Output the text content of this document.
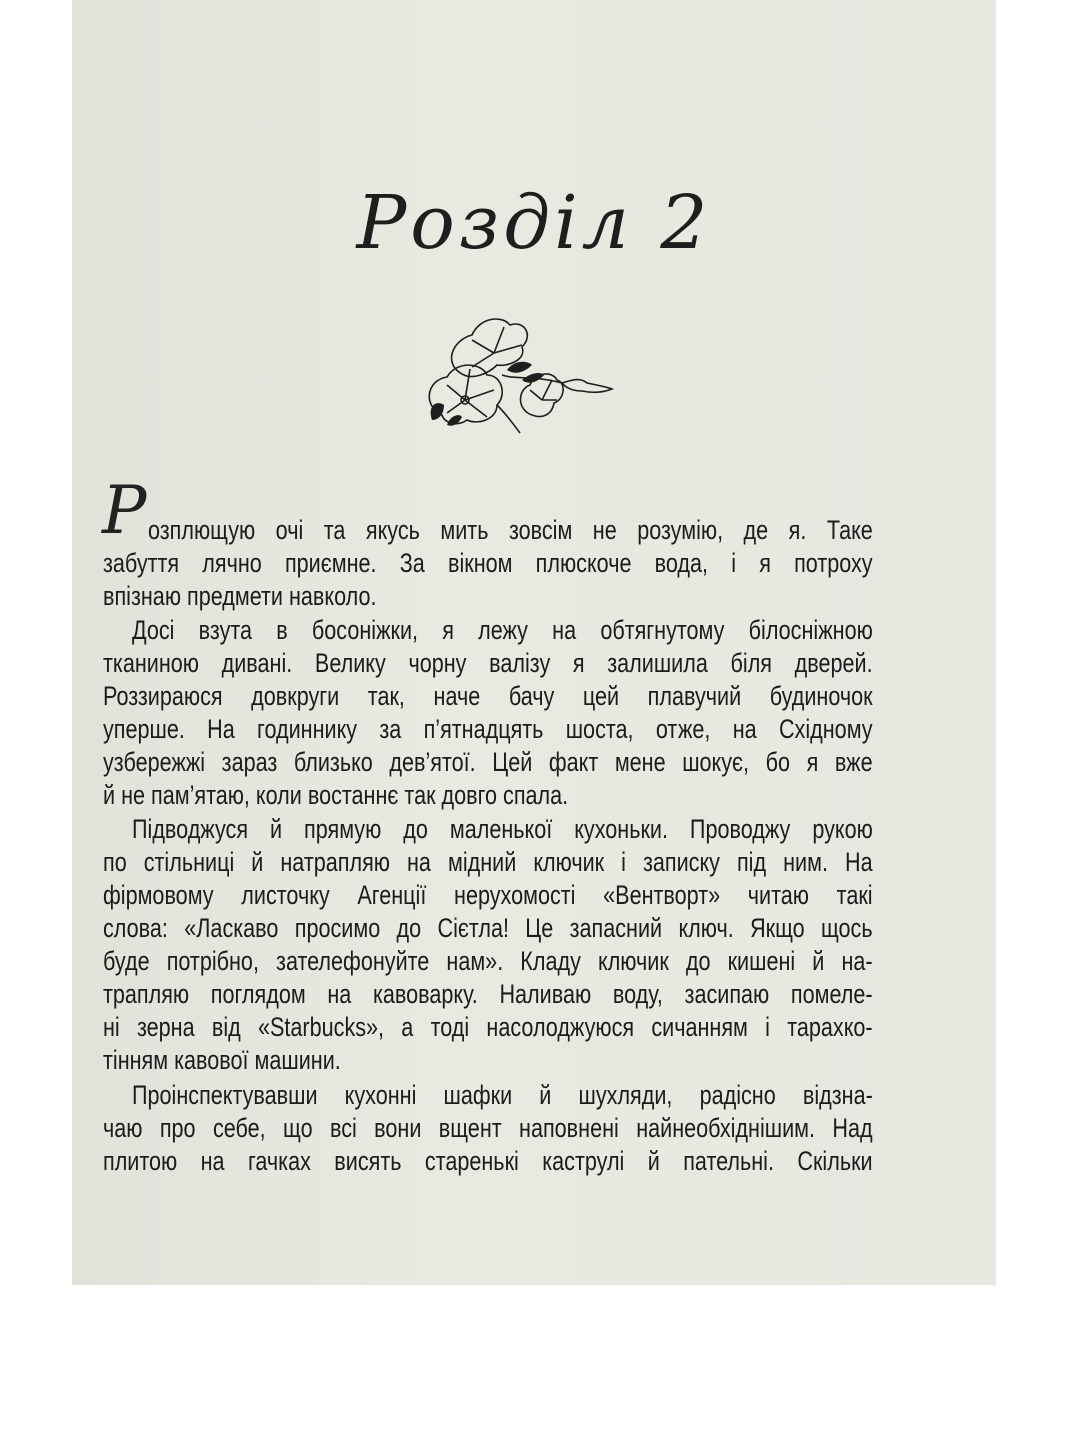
Розділ 2
Р озплющую очі та якусь мить зовсім не розумію, де я. Таке
забуття лячно приємне. За вікном плюскоче вода, і я потроху
впізнаю предмети навколо.
Досі взута в босоніжки, я лежу на обтягнутому білосніжною
тканиною дивані. Велику чорну валізу я залишила біля дверей.
Роззираюся довкруги так, наче бачу цей плавучий будиночок
уперше. На годиннику за п’ятнадцять шоста, отже, на Східному
узбережжі зараз близько дев’ятої. Цей факт мене шокує, бо я вже
й не пам’ятаю, коли востаннє так довго спала.
Підводжуся й прямую до маленької кухоньки. Проводжу рукою
по стільниці й натрапляю на мідний ключик і записку під ним. На
фірмовому листочку Агенції нерухомості «Вентворт» читаю такі
слова: «Ласкаво просимо до Сієтла! Це запасний ключ. Якщо щось
буде потрібно, зателефонуйте нам». Кладу ключик до кишені й на-
трапляю поглядом на кавоварку. Наливаю воду, засипаю помеле-
ні зерна від «Starbucks», а тоді насолоджуюся сичанням і тарахко-
тінням кавової машини.
Проінспектувавши кухонні шафки й шухляди, радісно відзна-
чаю про себе, що всі вони вщент наповнені найнеобхіднішим. Над
плитою на гачках висять старенькі каструлі й пательні. Скільки
